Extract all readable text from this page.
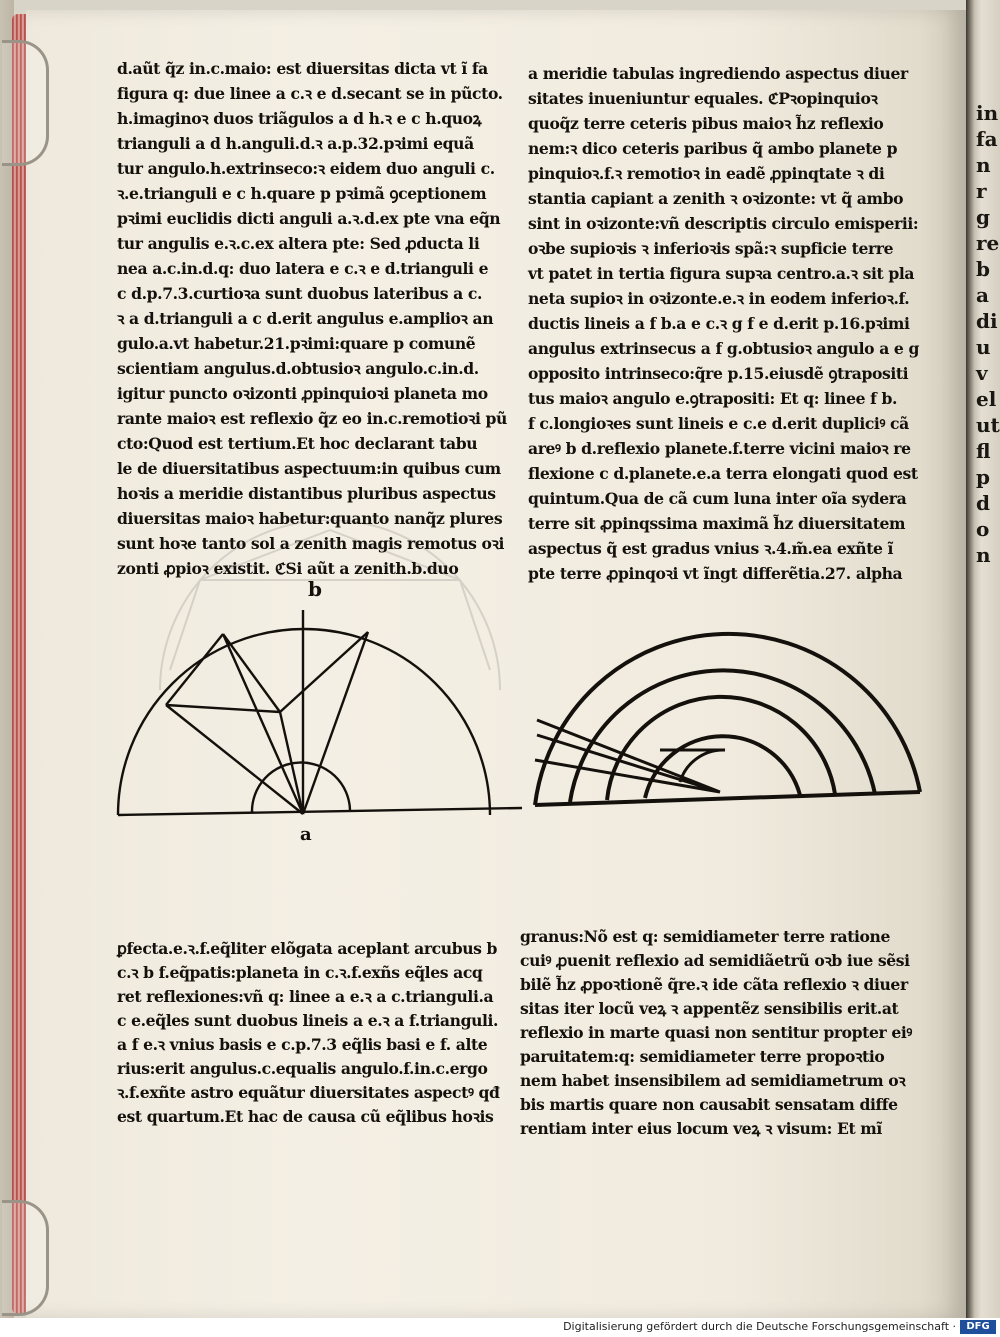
infanrgrebadiuvelutflpdon
d.aũt q̃z in.c.maio: est diuersitas dicta vt ĩ fa
figura q: due linee a c.ꝛ e d.secant se in pũcto.
h.imaginoꝛ duos triãgulos a d h.ꝛ e c h.quoꝝ
trianguli a d h.anguli.d.ꝛ a.p.32.pꝛimi equã
tur angulo.h.extrinseco:ꝛ eidem duo anguli c.
ꝛ.e.trianguli e c h.quare p pꝛimã ꝯceptionem
pꝛimi euclidis dicti anguli a.ꝛ.d.ex pte vna eq̃n
tur angulis e.ꝛ.c.ex altera pte: Sed ꝓducta li
nea a.c.in.d.q: duo latera e c.ꝛ e d.trianguli e
c d.p.7.3.curtioꝛa sunt duobus lateribus a c.
ꝛ a d.trianguli a c d.erit angulus e.amplioꝛ an
gulo.a.vt habetur.21.pꝛimi:quare p comunẽ
scientiam angulus.d.obtusioꝛ angulo.c.in.d.
igitur puncto oꝛizonti ꝓpinquioꝛi planeta mo
rante maioꝛ est reflexio q̃z eo in.c.remotioꝛi pũ
cto:Quod est tertium.Et hoc declarant tabu
le de diuersitatibus aspectuum:in quibus cum
hoꝛis a meridie distantibus pluribus aspectus
diuersitas maioꝛ habetur:quanto nanq̃z plures
sunt hoꝛe tanto sol a zenith magis remotus oꝛi
zonti ꝓpioꝛ existit. ℭSi aũt a zenith.b.duo
a meridie tabulas ingrediendo aspectus diuer
sitates inueniuntur equales. ℭPꝛopinquioꝛ
quoq̃z terre ceteris pibus maioꝛ h̃z reflexio
nem:ꝛ dico ceteris paribus q̃ ambo planete p
pinquioꝛ.f.ꝛ remotioꝛ in eadẽ ꝓpinqtate ꝛ di
stantia capiant a zenith ꝛ oꝛizonte: vt q̃ ambo
sint in oꝛizonte:vñ descriptis circulo emisperii:
oꝛbe supioꝛis ꝛ inferioꝛis spã:ꝛ supficie terre
vt patet in tertia figura supꝛa centro.a.ꝛ sit pla
neta supioꝛ in oꝛizonte.e.ꝛ in eodem inferioꝛ.f.
ductis lineis a f b.a e c.ꝛ g f e d.erit p.16.pꝛimi
angulus extrinsecus a f g.obtusioꝛ angulo a e g
opposito intrinseco:q̃re p.15.eiusdẽ ꝯtrapositi
tus maioꝛ angulo e.ꝯtrapositi: Et q: linee f b.
f c.longioꝛes sunt lineis e c.e d.erit dupliciꝰ cã
areꝰ b d.reflexio planete.f.terre vicini maioꝛ re
flexione c d.planete.e.a terra elongati quod est
quintum.Qua de cã cum luna inter oĩa sydera
terre sit ꝓpinqssima maximã h̃z diuersitatem
aspectus q̃ est gradus vnius ꝛ.4.m̃.ea exñte ĩ
pte terre ꝓpinqoꝛi vt ĩngt differẽtia.27. alpha
a
b
ꝑfecta.e.ꝛ.f.eq̃liter elõgata aceplant arcubus b
c.ꝛ b f.eq̃patis:planeta in c.ꝛ.f.exñs eq̃les acq
ret reflexiones:vñ q: linee a e.ꝛ a c.trianguli.a
c e.eq̃les sunt duobus lineis a e.ꝛ a f.trianguli.
a f e.ꝛ vnius basis e c.p.7.3 eq̃lis basi e f. alte
rius:erit angulus.c.equalis angulo.f.in.c.ergo
ꝛ.f.exñte astro equãtur diuersitates aspectꝰ qđ
est quartum.Et hac de causa cũ eq̃libus hoꝛis
granus:Nõ est q: semidiameter terre ratione
cuiꝰ ꝓuenit reflexio ad semidiãetrũ oꝛb iue sẽsi
bilẽ h̃z ꝓpoꝛtionẽ q̃re.ꝛ ide cãta reflexio ꝛ diuer
sitas iter locũ veꝝ ꝛ appentẽz sensibilis erit.at
reflexio in marte quasi non sentitur propter eiꝰ
paruitatem:q: semidiameter terre propoꝛtio
nem habet insensibilem ad semidiametrum oꝛ
bis martis quare non causabit sensatam diffe
rentiam inter eius locum veꝝ ꝛ visum: Et mĩ
Digitalisierung gefördert durch die Deutsche Forschungsgemeinschaft ·	DFG
